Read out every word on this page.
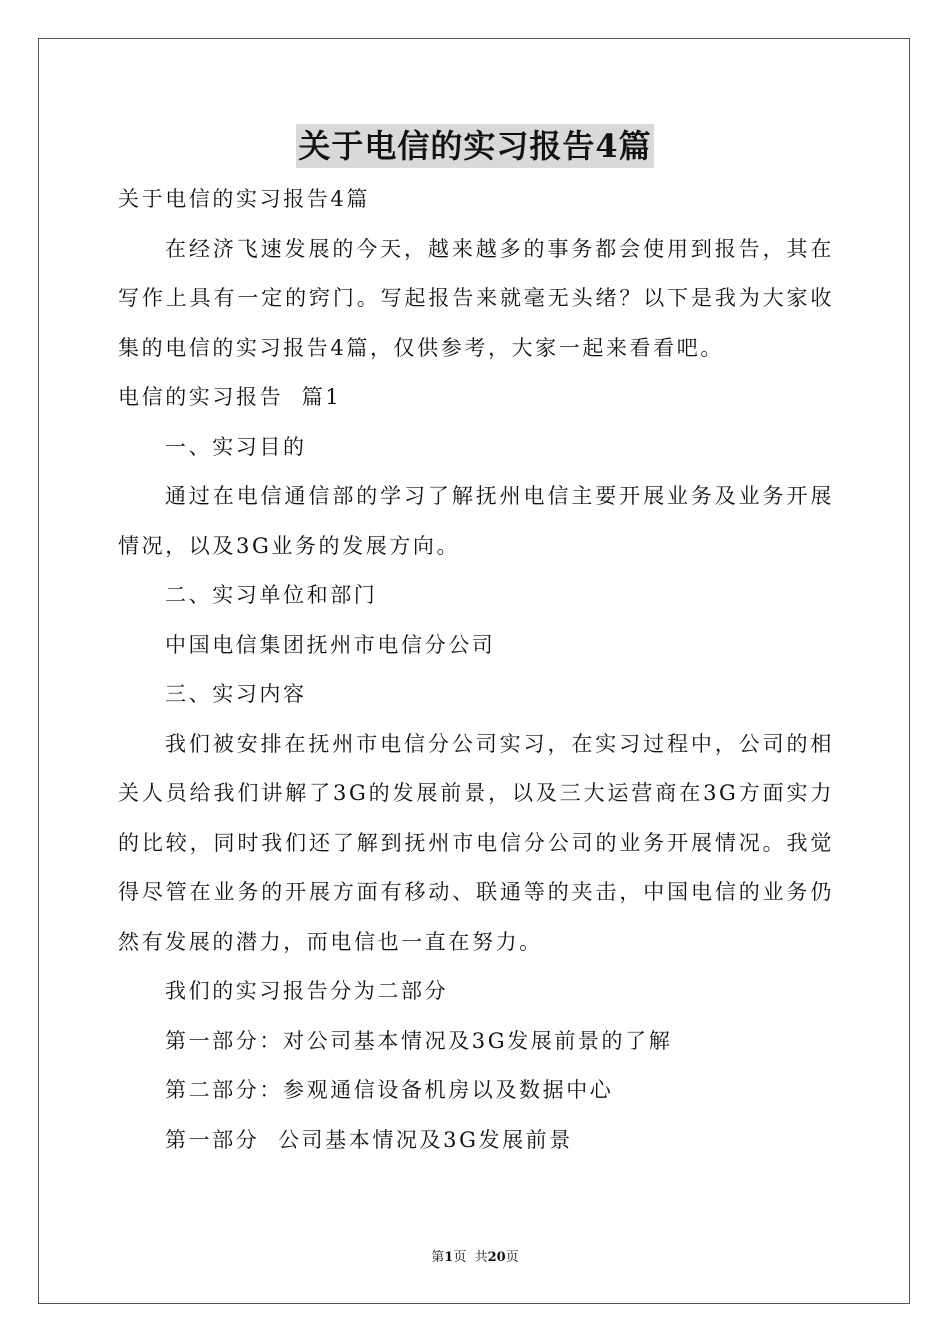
关于电信的实习报告4篇
关于电信的实习报告4篇
在经济飞速发展的今天，越来越多的事务都会使用到报告，其在
写作上具有一定的窍门。写起报告来就毫无头绪？以下是我为大家收
集的电信的实习报告4篇，仅供参考，大家一起来看看吧。
电信的实习报告  篇1
一、实习目的
通过在电信通信部的学习了解抚州电信主要开展业务及业务开展
情况，以及3G业务的发展方向。
二、实习单位和部门
中国电信集团抚州市电信分公司
三、实习内容
我们被安排在抚州市电信分公司实习，在实习过程中，公司的相
关人员给我们讲解了3G的发展前景，以及三大运营商在3G方面实力
的比较，同时我们还了解到抚州市电信分公司的业务开展情况。我觉
得尽管在业务的开展方面有移动、联通等的夹击，中国电信的业务仍
然有发展的潜力，而电信也一直在努力。
我们的实习报告分为二部分
第一部分：对公司基本情况及3G发展前景的了解
第二部分：参观通信设备机房以及数据中心
第一部分  公司基本情况及3G发展前景
第1页  共20页
